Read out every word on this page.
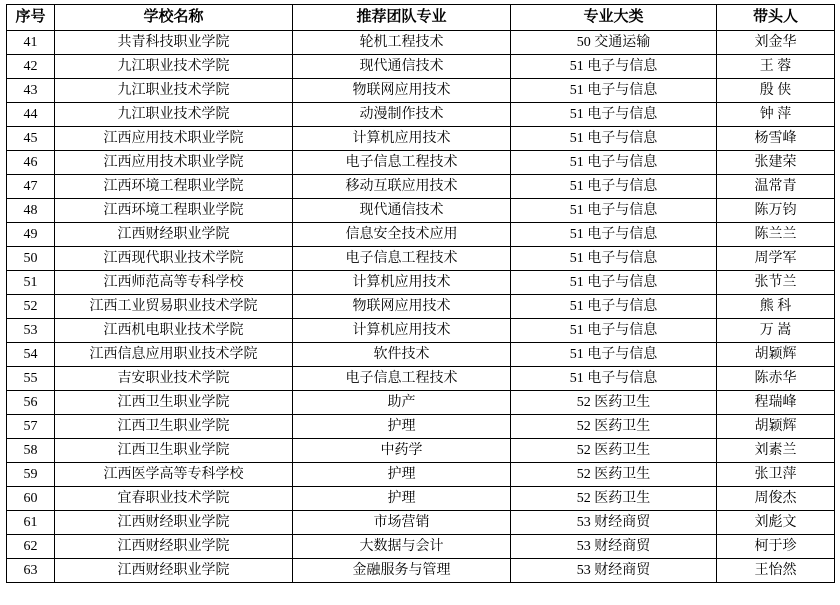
序号	学校名称	推荐团队专业	专业大类	带头人
41	共青科技职业学院	轮机工程技术	50 交通运输	刘金华
42	九江职业技术学院	现代通信技术	51 电子与信息	王 蓉
43	九江职业技术学院	物联网应用技术	51 电子与信息	殷 侠
44	九江职业技术学院	动漫制作技术	51 电子与信息	钟 萍
45	江西应用技术职业学院	计算机应用技术	51 电子与信息	杨雪峰
46	江西应用技术职业学院	电子信息工程技术	51 电子与信息	张建荣
47	江西环境工程职业学院	移动互联应用技术	51 电子与信息	温常青
48	江西环境工程职业学院	现代通信技术	51 电子与信息	陈万钧
49	江西财经职业学院	信息安全技术应用	51 电子与信息	陈兰兰
50	江西现代职业技术学院	电子信息工程技术	51 电子与信息	周学军
51	江西师范高等专科学校	计算机应用技术	51 电子与信息	张节兰
52	江西工业贸易职业技术学院	物联网应用技术	51 电子与信息	熊 科
53	江西机电职业技术学院	计算机应用技术	51 电子与信息	万 嵩
54	江西信息应用职业技术学院	软件技术	51 电子与信息	胡颖辉
55	吉安职业技术学院	电子信息工程技术	51 电子与信息	陈赤华
56	江西卫生职业学院	助产	52 医药卫生	程瑞峰
57	江西卫生职业学院	护理	52 医药卫生	胡颖辉
58	江西卫生职业学院	中药学	52 医药卫生	刘素兰
59	江西医学高等专科学校	护理	52 医药卫生	张卫萍
60	宜春职业技术学院	护理	52 医药卫生	周俊杰
61	江西财经职业学院	市场营销	53 财经商贸	刘彪文
62	江西财经职业学院	大数据与会计	53 财经商贸	柯于珍
63	江西财经职业学院	金融服务与管理	53 财经商贸	王怡然
